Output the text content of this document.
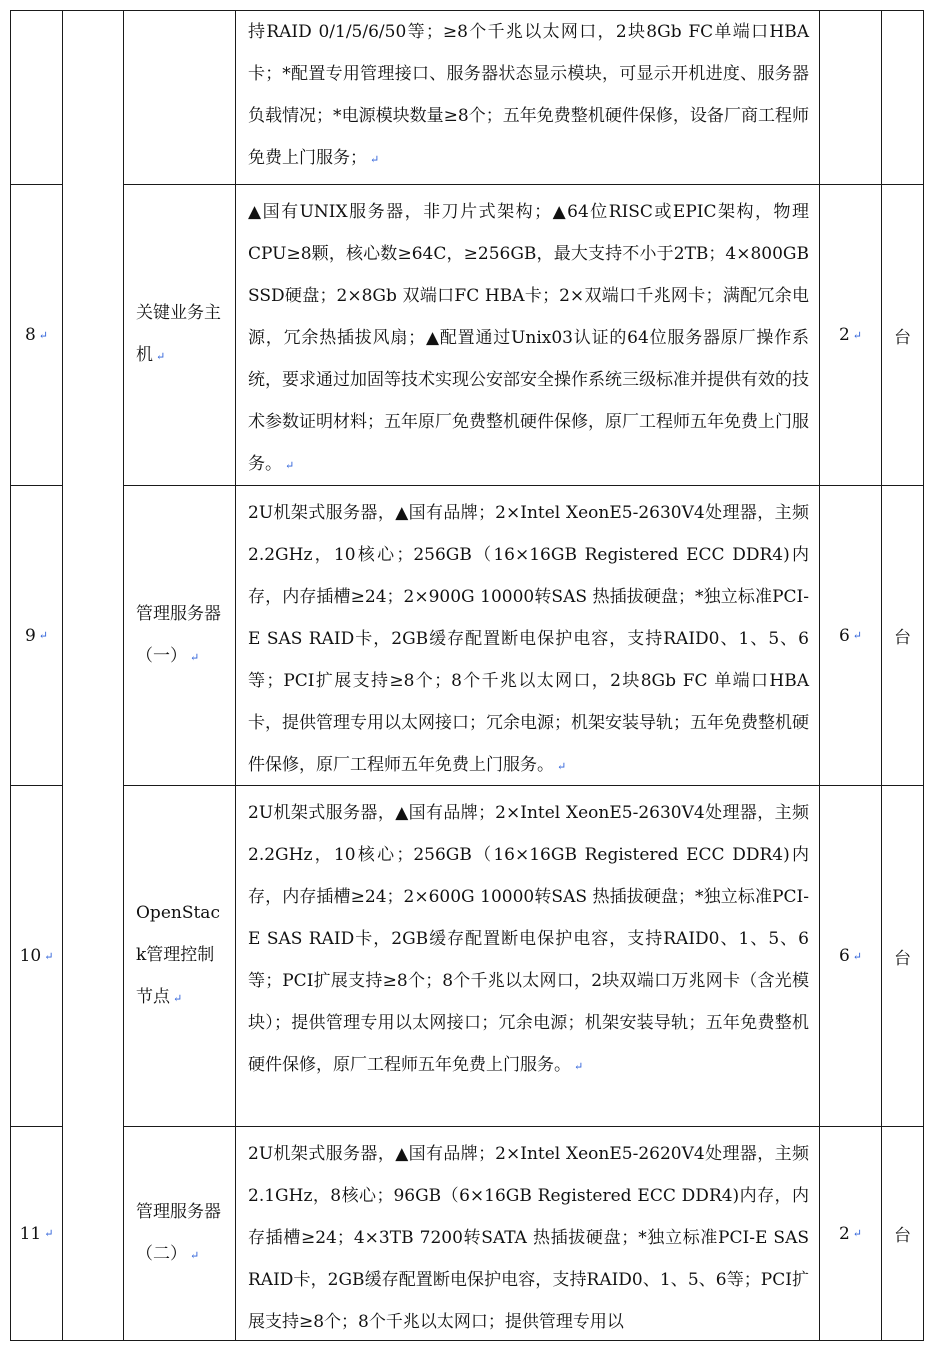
持RAID 0/1/5/6/50等；≥8个千兆以太网口，2块8Gb FC单端口HBA卡；*配置专用管理接口、服务器状态显示模块，可显示开机进度、服务器负载情况；*电源模块数量≥8个；五年免费整机硬件保修，设备厂商工程师免费上门服务； ↵
8 ↵
关键业务主机 ↵
▲国有UNIX服务器，非刀片式架构；▲64位RISC或EPIC架构，物理CPU≥8颗，核心数≥64C，≥256GB，最大支持不小于2TB；4×800GB SSD硬盘；2×8Gb 双端口FC HBA卡；2×双端口千兆网卡；满配冗余电源，冗余热插拔风扇；▲配置通过Unix03认证的64位服务器原厂操作系统，要求通过加固等技术实现公安部安全操作系统三级标准并提供有效的技术参数证明材料；五年原厂免费整机硬件保修，原厂工程师五年免费上门服务。 ↵
2 ↵ 台
9 ↵
管理服务器（一） ↵
2U机架式服务器，▲国有品牌；2×Intel XeonE5-2630V4处理器，主频2.2GHz，10核心；256GB（16×16GB Registered ECC DDR4)内存，内存插槽≥24；2×900G 10000转SAS 热插拔硬盘；*独立标准PCI-E SAS RAID卡，2GB缓存配置断电保护电容，支持RAID0、1、5、6等；PCI扩展支持≥8个；8个千兆以太网口，2块8Gb FC 单端口HBA卡，提供管理专用以太网接口；冗余电源；机架安装导轨；五年免费整机硬件保修，原厂工程师五年免费上门服务。 ↵
6 ↵ 台
10 ↵
OpenStack管理控制节点 ↵
2U机架式服务器，▲国有品牌；2×Intel XeonE5-2630V4处理器，主频2.2GHz，10核心；256GB（16×16GB Registered ECC DDR4)内存，内存插槽≥24；2×600G 10000转SAS 热插拔硬盘；*独立标准PCI-E SAS RAID卡，2GB缓存配置断电保护电容，支持RAID0、1、5、6等；PCI扩展支持≥8个；8个千兆以太网口，2块双端口万兆网卡（含光模块）；提供管理专用以太网接口；冗余电源；机架安装导轨；五年免费整机硬件保修，原厂工程师五年免费上门服务。 ↵
6 ↵ 台
11 ↵
管理服务器（二） ↵
2U机架式服务器，▲国有品牌；2×Intel XeonE5-2620V4处理器，主频2.1GHz，8核心；96GB（6×16GB Registered ECC DDR4)内存，内存插槽≥24；4×3TB 7200转SATA 热插拔硬盘；*独立标准PCI-E SAS RAID卡，2GB缓存配置断电保护电容，支持RAID0、1、5、6等；PCI扩展支持≥8个；8个千兆以太网口；提供管理专用以
2 ↵ 台
